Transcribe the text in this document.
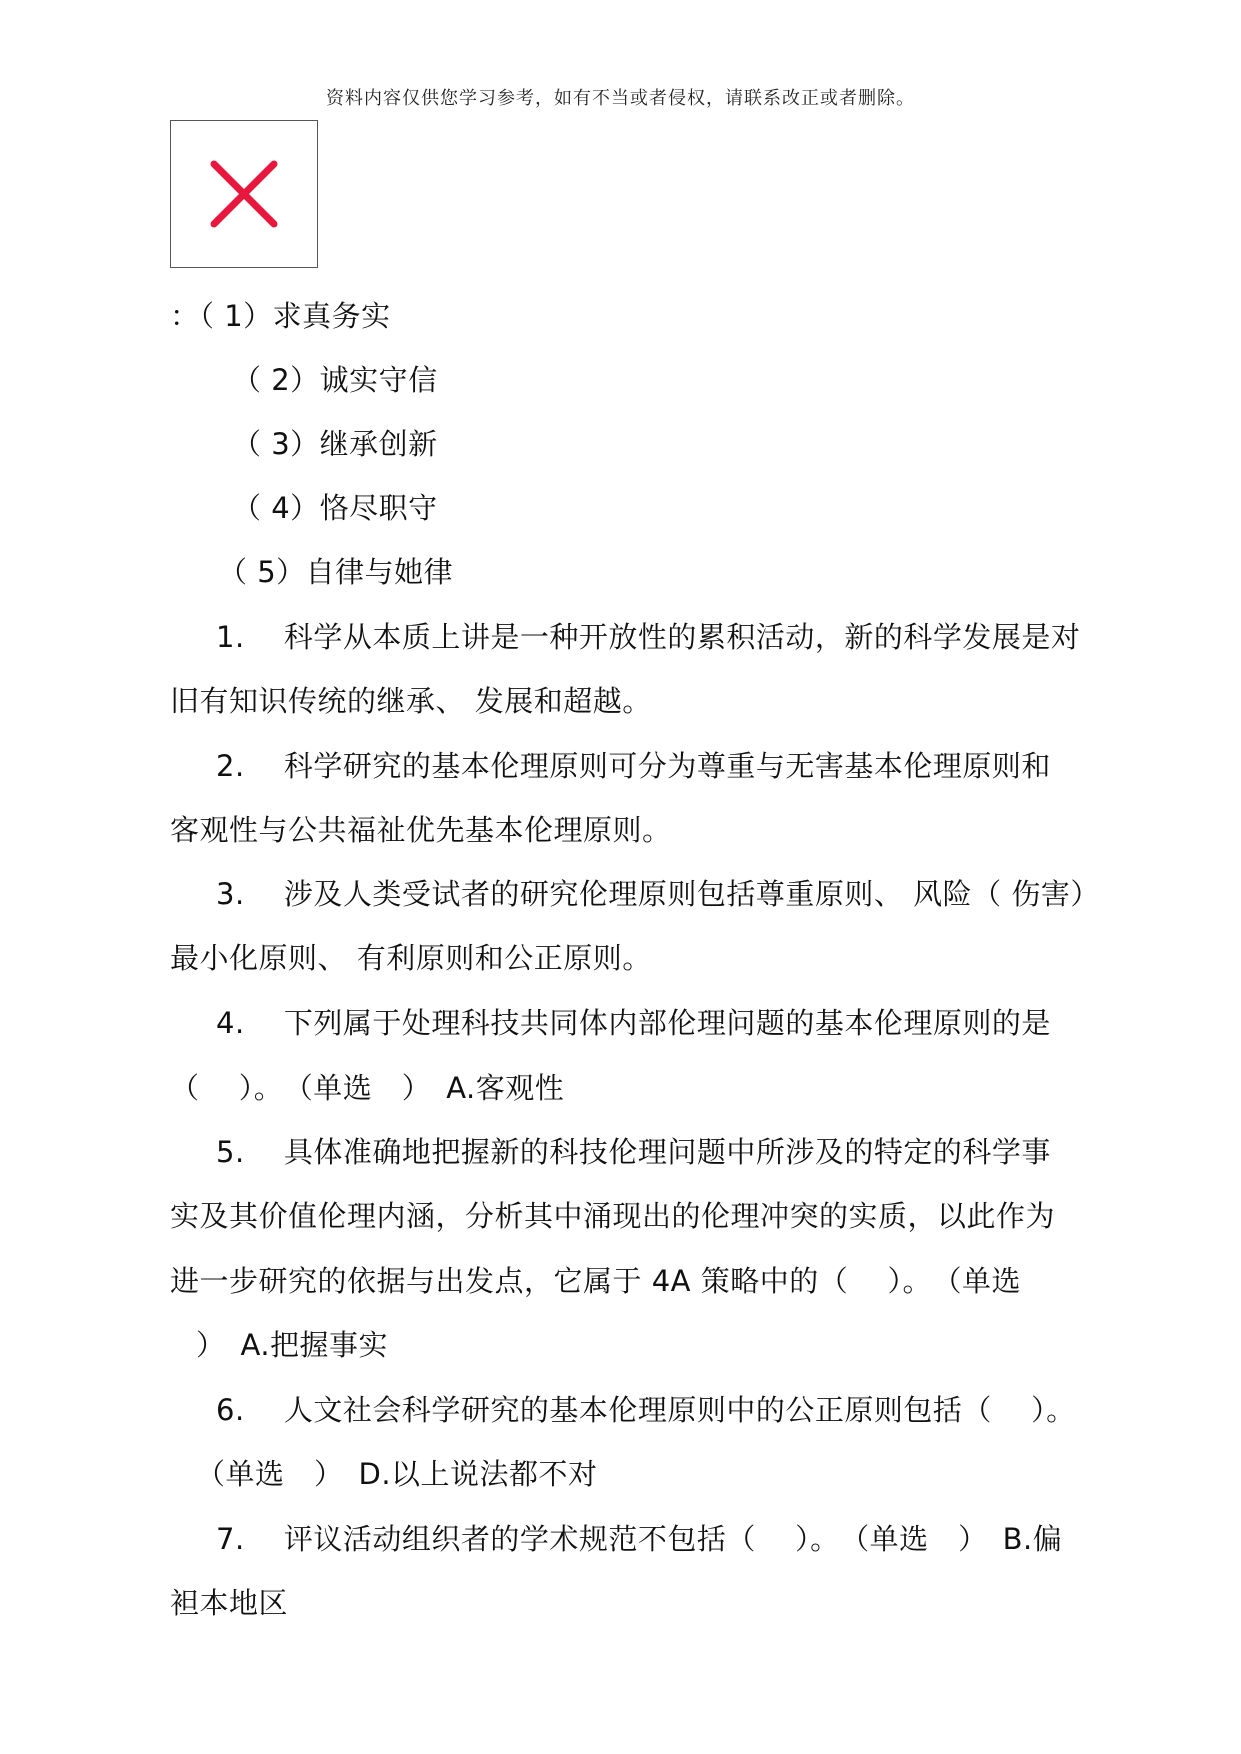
资料内容仅供您学习参考，如有不当或者侵权，请联系改正或者删除。
：（ 1）求真务实
（ 2）诚实守信
（ 3）继承创新
（ 4）恪尽职守
（ 5）自律与她律
1.　 科学从本质上讲是一种开放性的累积活动，新的科学发展是对
旧有知识传统的继承、 发展和超越。
2.　 科学研究的基本伦理原则可分为尊重与无害基本伦理原则和
客观性与公共福祉优先基本伦理原则。
3.　 涉及人类受试者的研究伦理原则包括尊重原则、 风险（ 伤害）
最小化原则、 有利原则和公正原则。
4.　 下列属于处理科技共同体内部伦理问题的基本伦理原则的是
（　 ）。　（单选　）　A.客观性
5.　 具体准确地把握新的科技伦理问题中所涉及的特定的科学事
实及其价值伦理内涵，分析其中涌现出的伦理冲突的实质，以此作为
进一步研究的依据与出发点，它属于 4A 策略中的（　 ）。　（单选
）　A.把握事实
6.　 人文社会科学研究的基本伦理原则中的公正原则包括（　 ）。
（单选　）　D.以上说法都不对
7.　 评议活动组织者的学术规范不包括（　 ）。　（单选　）　B.偏
袒本地区
